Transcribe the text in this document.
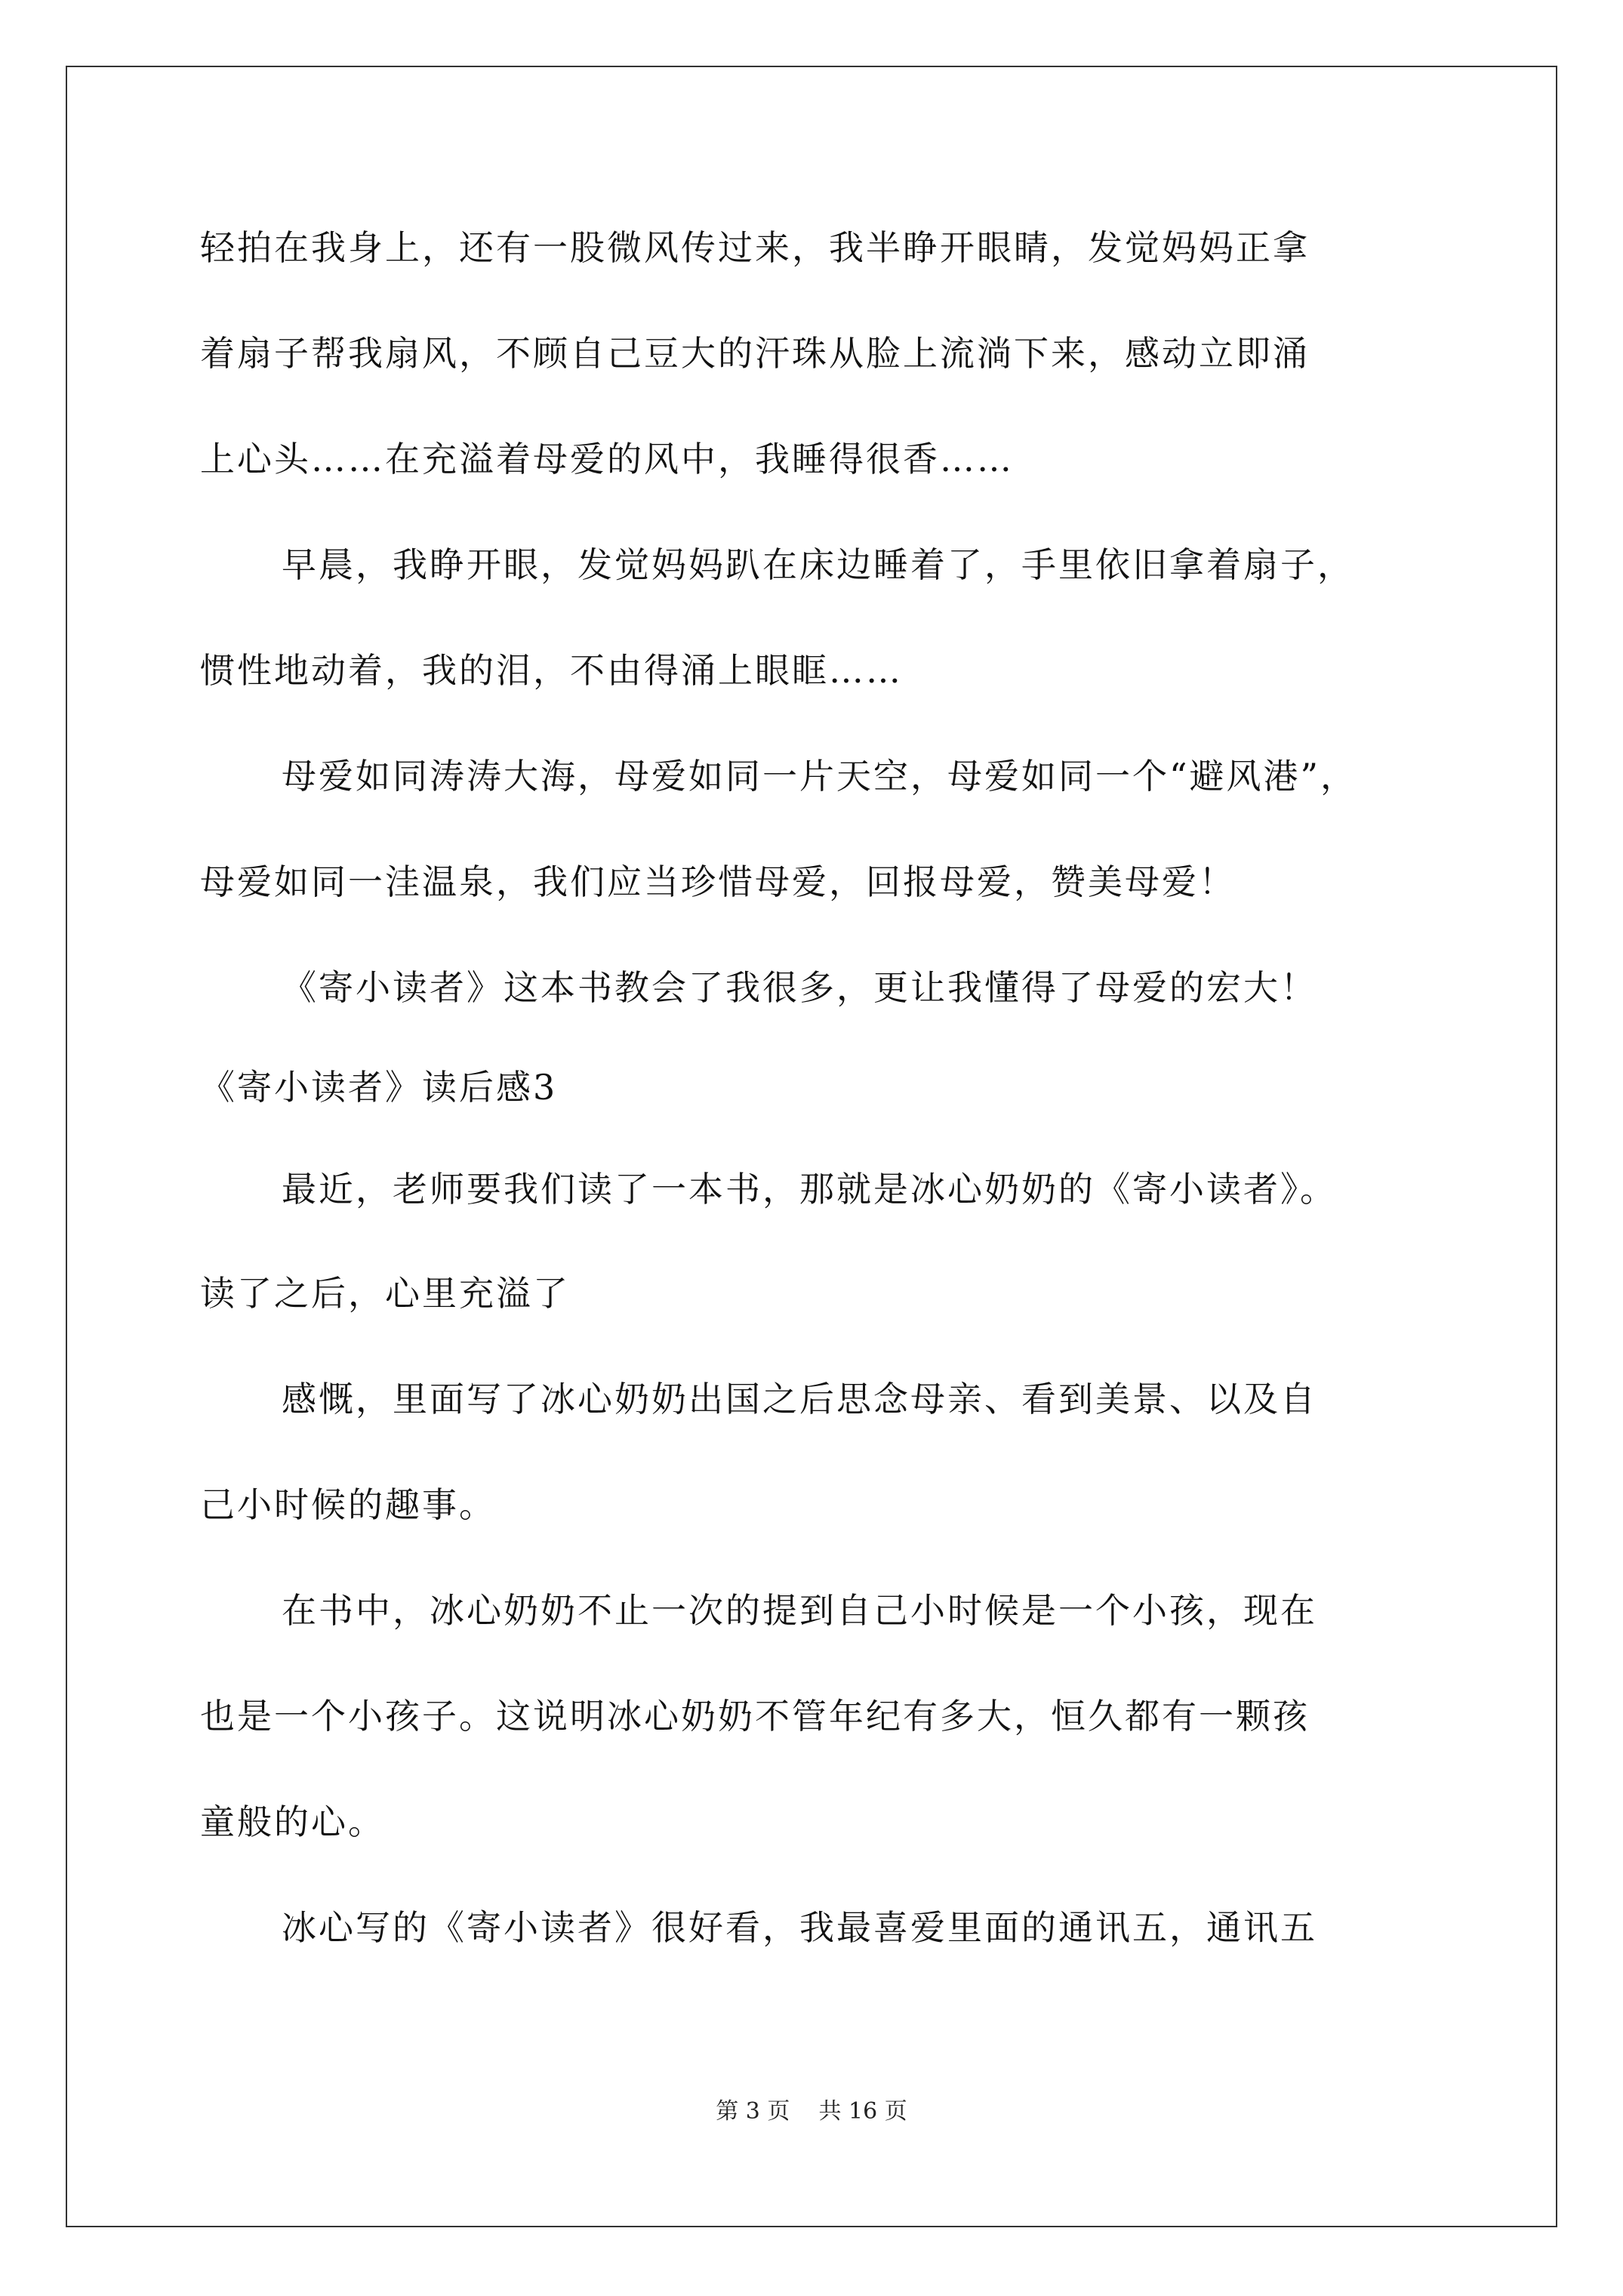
轻拍在我身上，还有一股微风传过来，我半睁开眼睛，发觉妈妈正拿
着扇子帮我扇风，不顾自己豆大的汗珠从脸上流淌下来，感动立即涌
上心头……在充溢着母爱的风中，我睡得很香……
早晨，我睁开眼，发觉妈妈趴在床边睡着了，手里依旧拿着扇子，
惯性地动着，我的泪，不由得涌上眼眶……
母爱如同涛涛大海，母爱如同一片天空，母爱如同一个“避风港”，
母爱如同一洼温泉，我们应当珍惜母爱，回报母爱，赞美母爱！
《寄小读者》这本书教会了我很多，更让我懂得了母爱的宏大！
《寄小读者》读后感3
最近，老师要我们读了一本书，那就是冰心奶奶的《寄小读者》。
读了之后，心里充溢了
感慨，里面写了冰心奶奶出国之后思念母亲、看到美景、以及自
己小时候的趣事。
在书中，冰心奶奶不止一次的提到自己小时候是一个小孩，现在
也是一个小孩子。这说明冰心奶奶不管年纪有多大，恒久都有一颗孩
童般的心。
冰心写的《寄小读者》很好看，我最喜爱里面的通讯五，通讯五
第 3 页    共 16 页
